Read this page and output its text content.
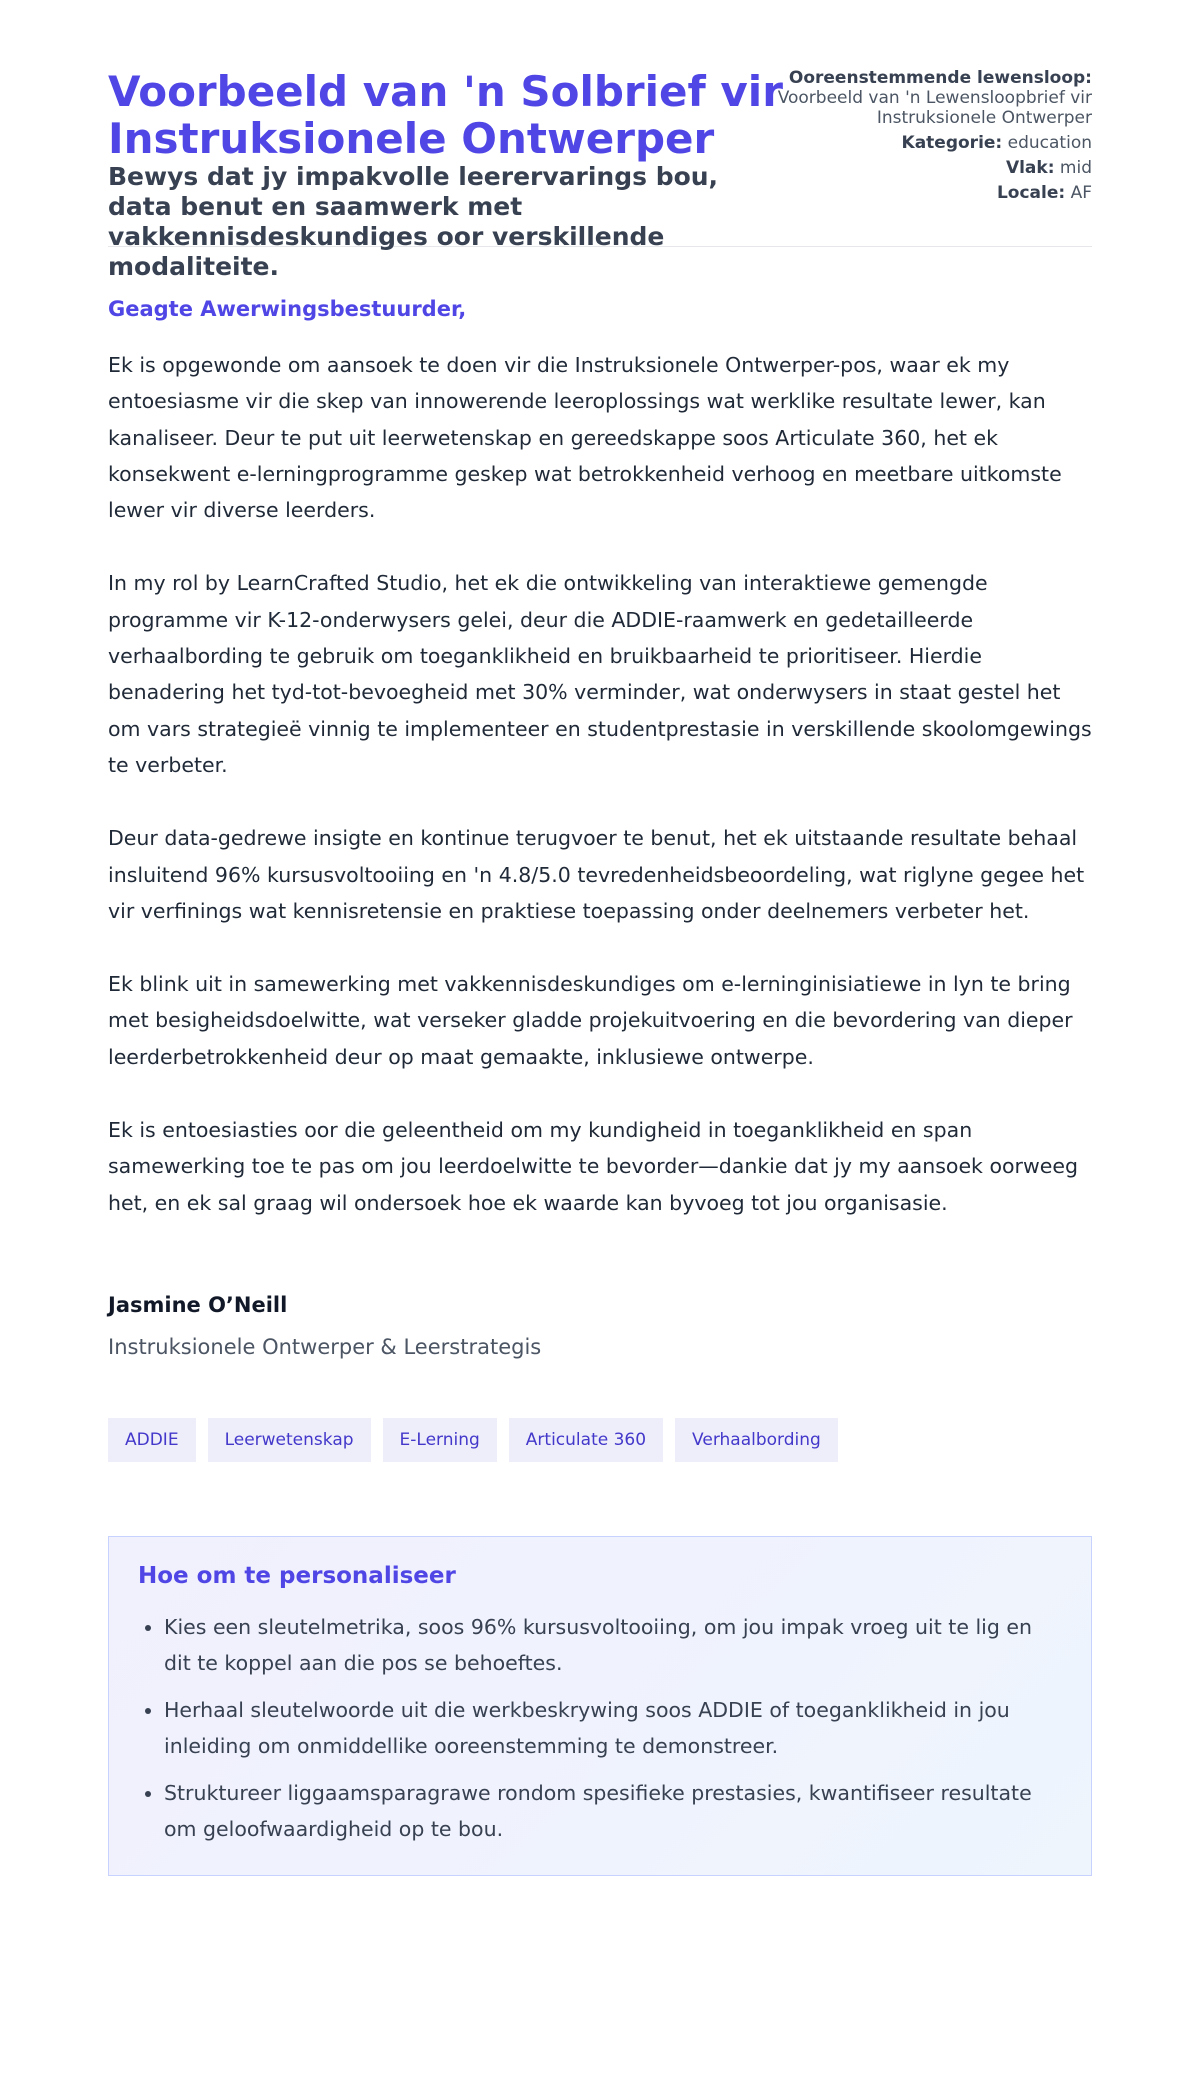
Voorbeeld van 'n Solbrief vir Instruksionele Ontwerper
Bewys dat jy impakvolle leerervarings bou, data benut en saamwerk met vakkennisdeskundiges oor verskillende modaliteite.
Ooreenstemmende lewensloop:
Voorbeeld van 'n Lewensloopbrief vir Instruksionele Ontwerper
Kategorie: education
Vlak: mid
Locale: AF

Geagte Awerwingsbestuurder,

Ek is opgewonde om aansoek te doen vir die Instruksionele Ontwerper-pos, waar ek my entoesiasme vir die skep van innowerende leeroplossings wat werklike resultate lewer, kan kanaliseer. Deur te put uit leerwetenskap en gereedskappe soos Articulate 360, het ek konsekwent e-lerningprogramme geskep wat betrokkenheid verhoog en meetbare uitkomste lewer vir diverse leerders.

In my rol by LearnCrafted Studio, het ek die ontwikkeling van interaktiewe gemengde programme vir K-12-onderwysers gelei, deur die ADDIE-raamwerk en gedetailleerde verhaalbording te gebruik om toeganklikheid en bruikbaarheid te prioritiseer. Hierdie benadering het tyd-tot-bevoegheid met 30% verminder, wat onderwysers in staat gestel het om vars strategieë vinnig te implementeer en studentprestasie in verskillende skoolomgewings te verbeter.

Deur data-gedrewe insigte en kontinue terugvoer te benut, het ek uitstaande resultate behaal insluitend 96% kursusvoltooiing en 'n 4.8/5.0 tevredenheidsbeoordeling, wat riglyne gegee het vir verfinings wat kennisretensie en praktiese toepassing onder deelnemers verbeter het.

Ek blink uit in samewerking met vakkennisdeskundiges om e-lerninginisiatiewe in lyn te bring met besigheidsdoelwitte, wat verseker gladde projekuitvoering en die bevordering van dieper leerderbetrokkenheid deur op maat gemaakte, inklusiewe ontwerpe.

Ek is entoesiasties oor die geleentheid om my kundigheid in toeganklikheid en span samewerking toe te pas om jou leerdoelwitte te bevorder—dankie dat jy my aansoek oorweeg het, en ek sal graag wil ondersoek hoe ek waarde kan byvoeg tot jou organisasie.

Jasmine O’Neill
Instruksionele Ontwerper & Leerstrategis
ADDIE	Leerwetenskap	E-Lerning	Articulate 360	Verhaalbording
Hoe om te personaliseer
• Kies een sleutelmetrika, soos 96% kursusvoltooiing, om jou impak vroeg uit te lig en dit te koppel aan die pos se behoeftes.
• Herhaal sleutelwoorde uit die werkbeskrywing soos ADDIE of toeganklikheid in jou inleiding om onmiddellike ooreenstemming te demonstreer.
• Struktureer liggaamsparagrawe rondom spesifieke prestasies, kwantifiseer resultate om geloofwaardigheid op te bou.
